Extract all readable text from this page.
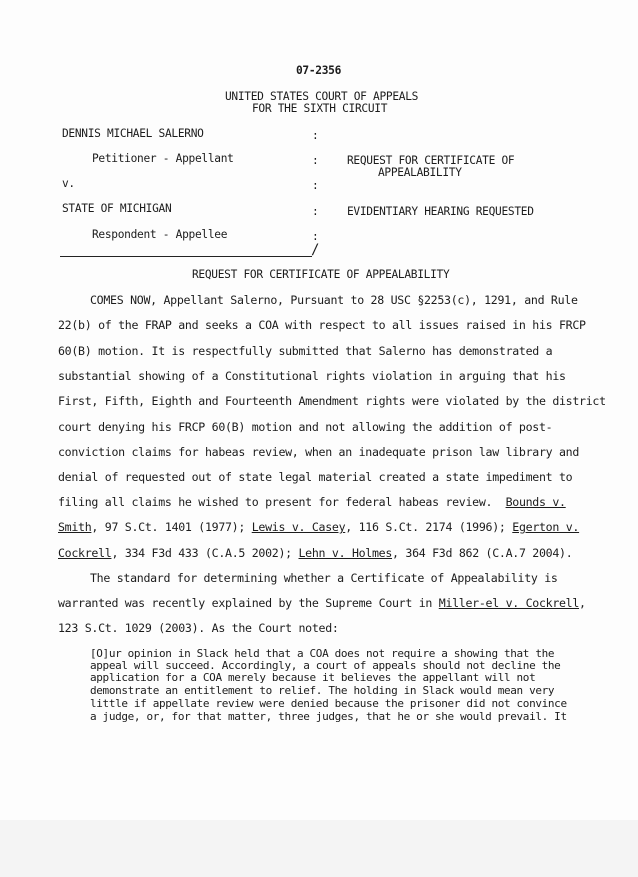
07-2356
UNITED STATES COURT OF APPEALS
FOR THE SIXTH CIRCUIT
DENNIS MICHAEL SALERNO	:
Petitioner - Appellant	:	REQUEST FOR CERTIFICATE OF
APPEALABILITY
v.	:
STATE OF MICHIGAN	:	EVIDENTIARY HEARING REQUESTED
Respondent - Appellee	:
/
REQUEST FOR CERTIFICATE OF APPEALABILITY
COMES NOW, Appellant Salerno, Pursuant to 28 USC §2253(c), 1291, and Rule
22(b) of the FRAP and seeks a COA with respect to all issues raised in his FRCP
60(B) motion. It is respectfully submitted that Salerno has demonstrated a
substantial showing of a Constitutional rights violation in arguing that his
First, Fifth, Eighth and Fourteenth Amendment rights were violated by the district
court denying his FRCP 60(B) motion and not allowing the addition of post-
conviction claims for habeas review, when an inadequate prison law library and
denial of requested out of state legal material created a state impediment to
filing all claims he wished to present for federal habeas review. Bounds v.
Smith, 97 S.Ct. 1401 (1977); Lewis v. Casey, 116 S.Ct. 2174 (1996); Egerton v.
Cockrell, 334 F3d 433 (C.A.5 2002); Lehn v. Holmes, 364 F3d 862 (C.A.7 2004).
The standard for determining whether a Certificate of Appealability is
warranted was recently explained by the Supreme Court in Miller-el v. Cockrell,
123 S.Ct. 1029 (2003). As the Court noted:
[O]ur opinion in Slack held that a COA does not require a showing that the
appeal will succeed. Accordingly, a court of appeals should not decline the
application for a COA merely because it believes the appellant will not
demonstrate an entitlement to relief. The holding in Slack would mean very
little if appellate review were denied because the prisoner did not convince
a judge, or, for that matter, three judges, that he or she would prevail. It
